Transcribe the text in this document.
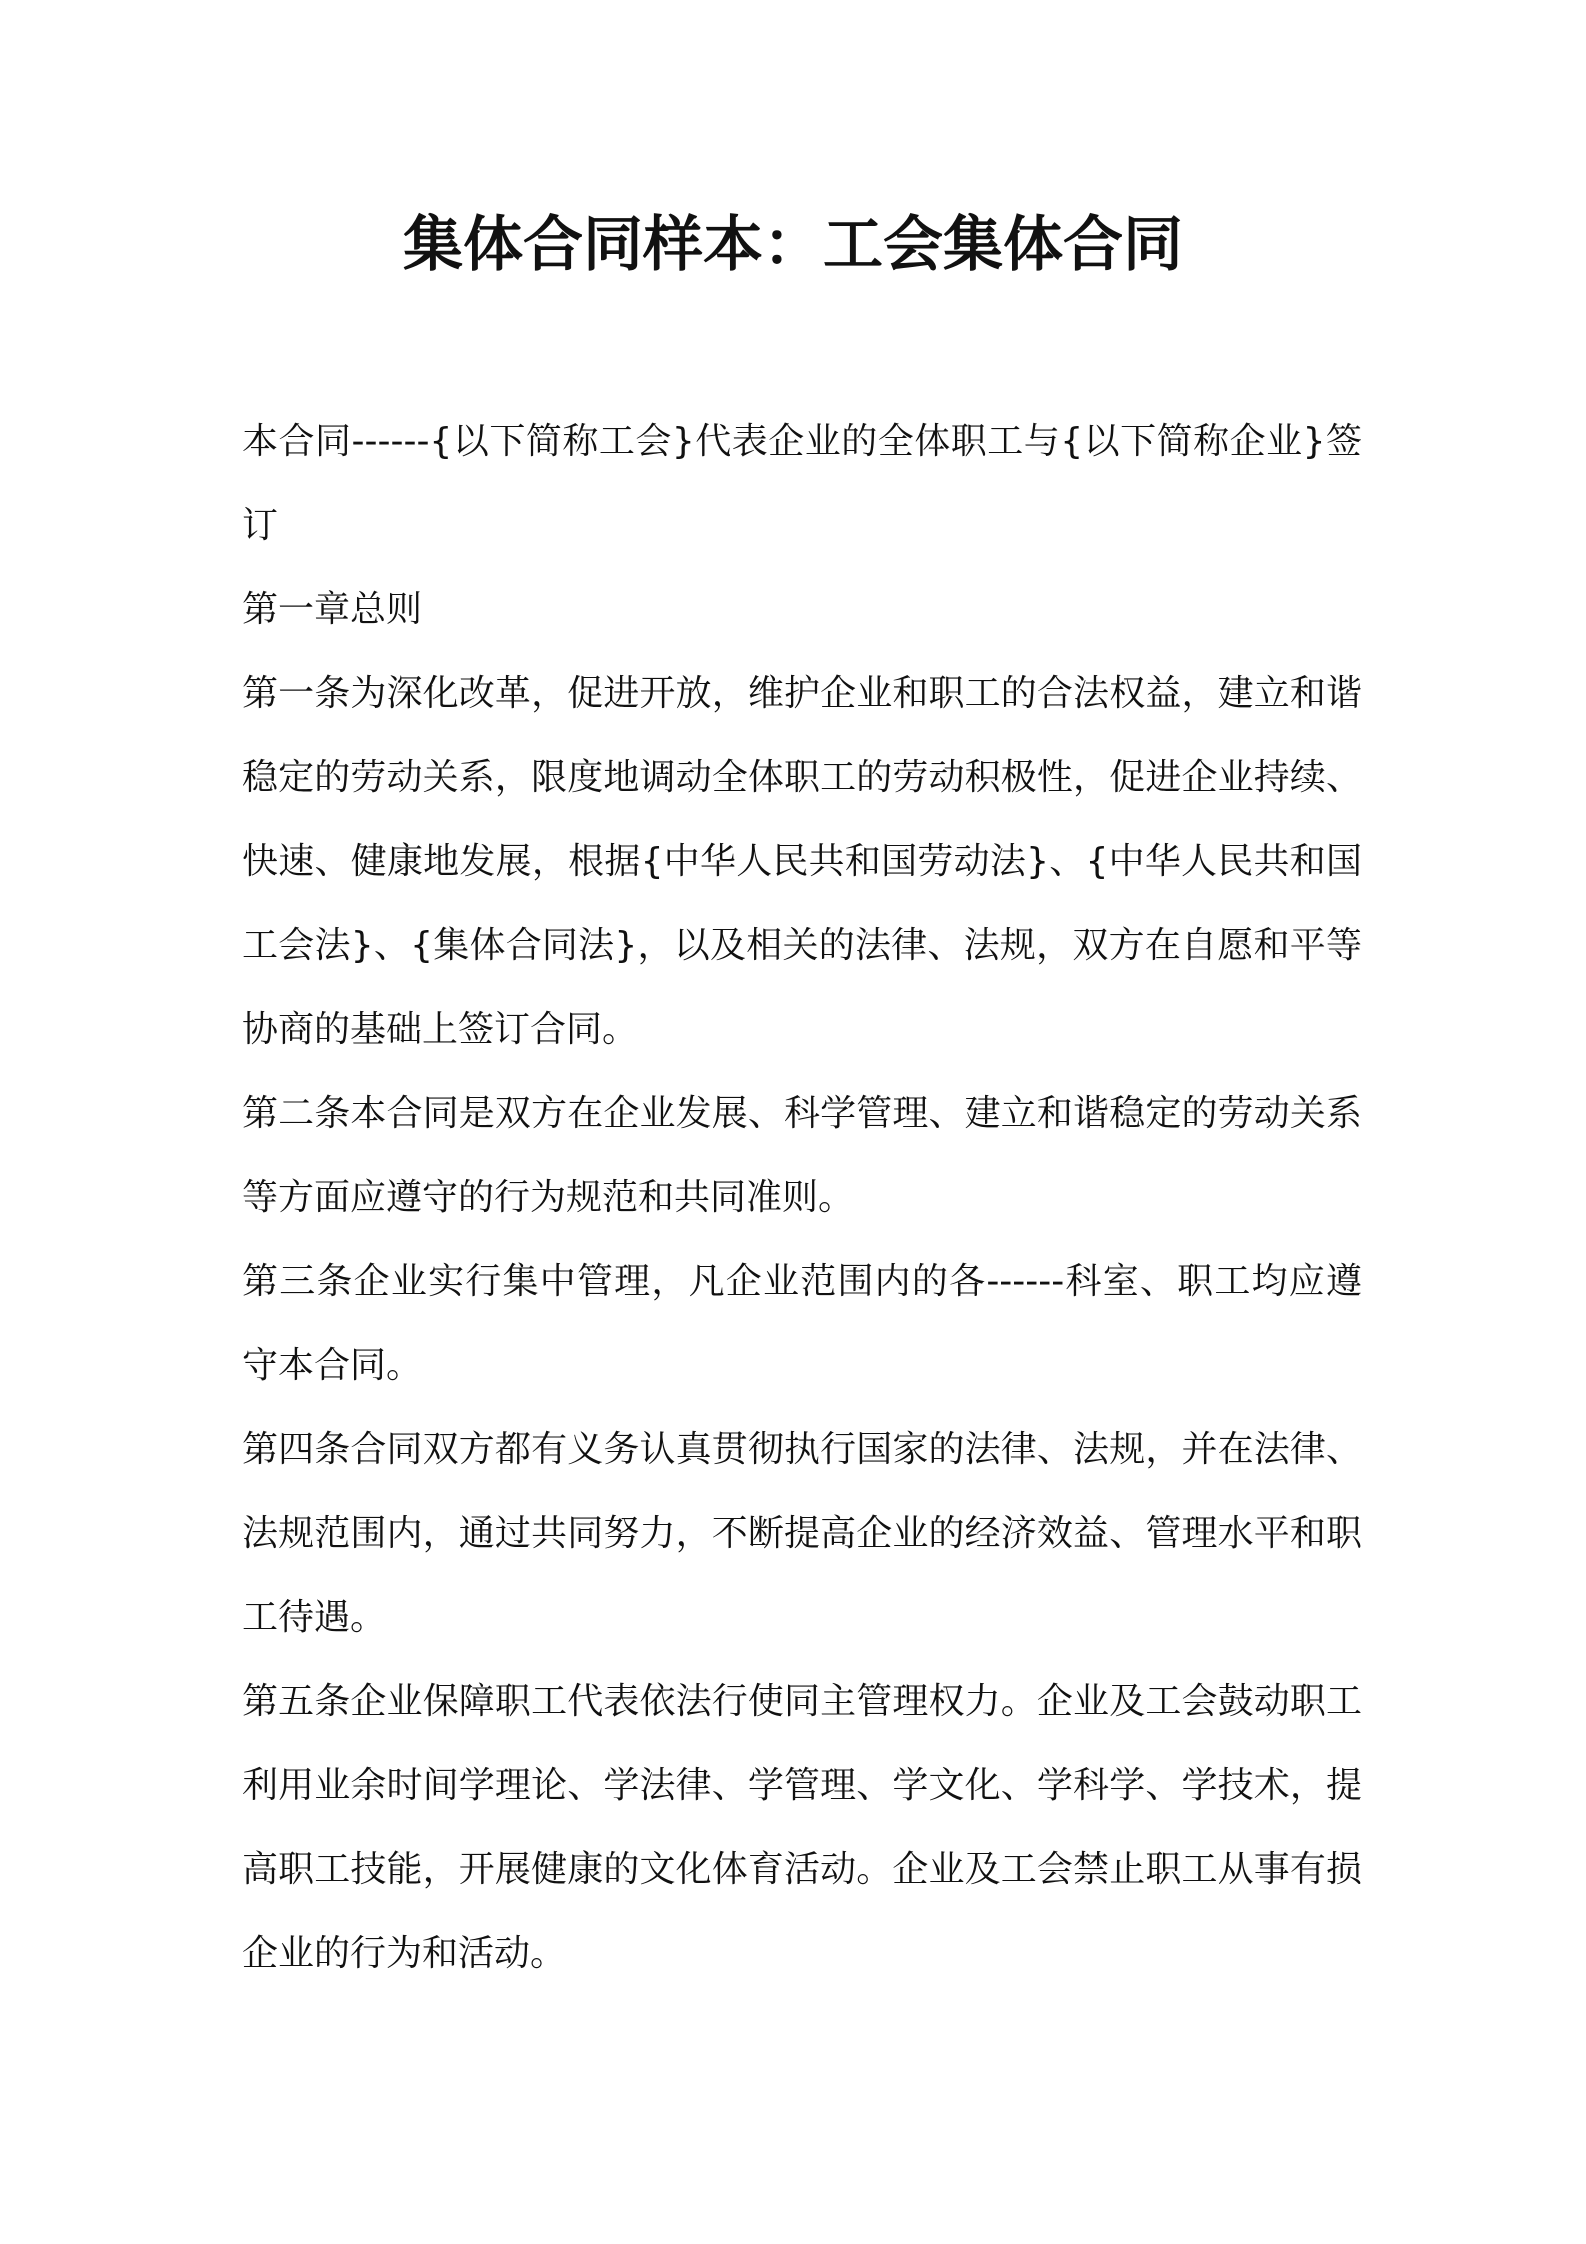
集体合同样本：工会集体合同

本合同------{以下简称工会}代表企业的全体职工与{以下简称企业}签订

第一章总则

第一条为深化改革，促进开放，维护企业和职工的合法权益，建立和谐稳定的劳动关系，限度地调动全体职工的劳动积极性，促进企业持续、快速、健康地发展，根据{中华人民共和国劳动法}、{中华人民共和国工会法}、{集体合同法}，以及相关的法律、法规，双方在自愿和平等协商的基础上签订合同。

第二条本合同是双方在企业发展、科学管理、建立和谐稳定的劳动关系等方面应遵守的行为规范和共同准则。

第三条企业实行集中管理，凡企业范围内的各------科室、职工均应遵守本合同。

第四条合同双方都有义务认真贯彻执行国家的法律、法规，并在法律、法规范围内，通过共同努力，不断提高企业的经济效益、管理水平和职工待遇。

第五条企业保障职工代表依法行使同主管理权力。企业及工会鼓动职工利用业余时间学理论、学法律、学管理、学文化、学科学、学技术，提高职工技能，开展健康的文化体育活动。企业及工会禁止职工从事有损企业的行为和活动。
